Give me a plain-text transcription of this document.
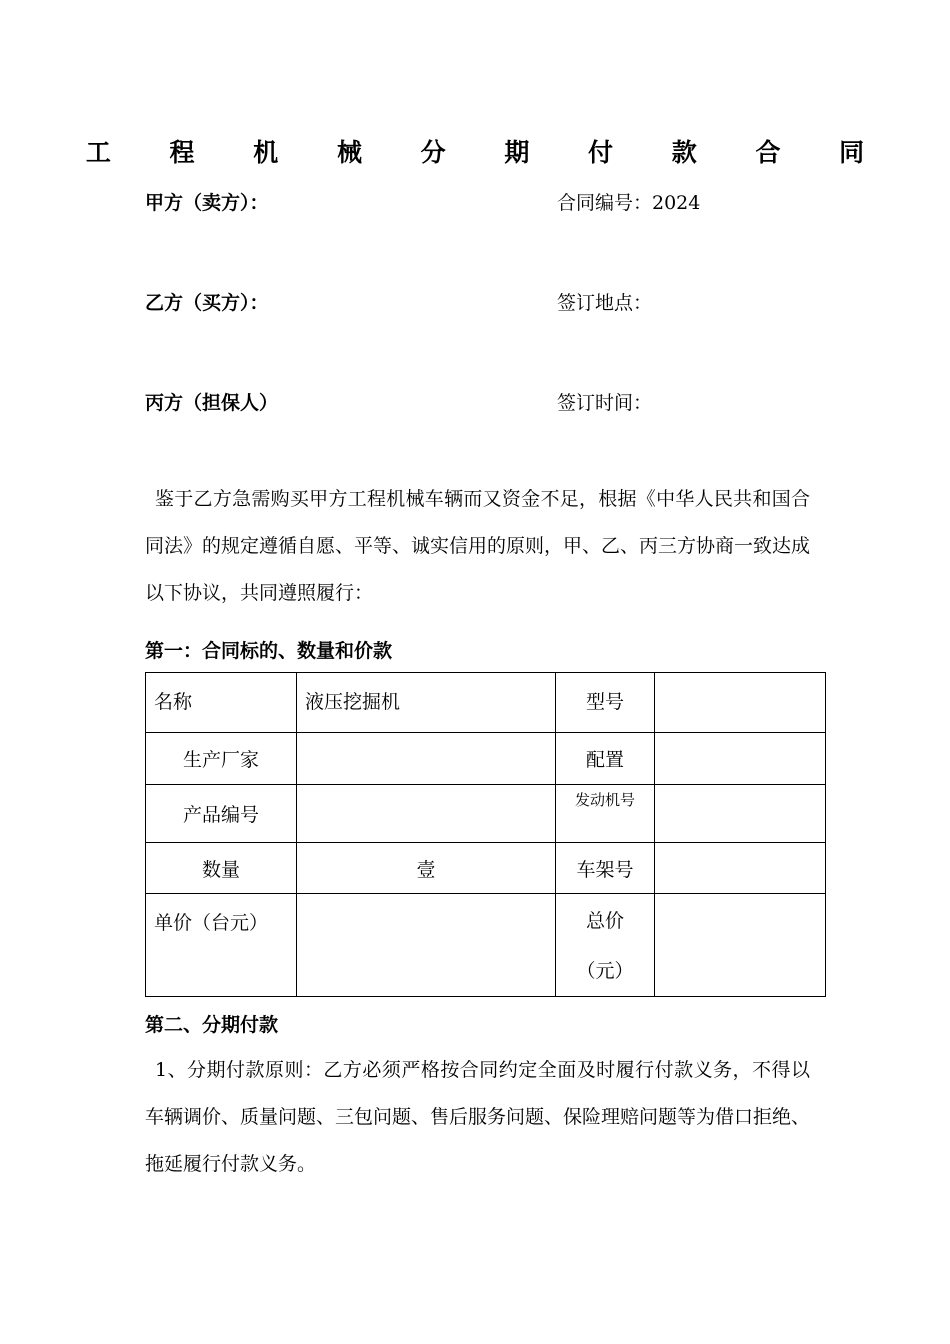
工 程 机 械 分 期 付 款 合 同
甲方（卖方）：	合同编号：2024
乙方（买方）：	签订地点：
丙方（担保人）	签订时间：

鉴于乙方急需购买甲方工程机械车辆而又资金不足，根据《中华人民共和国合同法》的规定遵循自愿、平等、诚实信用的原则，甲、乙、丙三方协商一致达成以下协议，共同遵照履行：

第一：合同标的、数量和价款
名称	液压挖掘机	型号	
生产厂家		配置	
产品编号		发动机号	
数量	壹	车架号	
单价（台元）		总价
（元）	

第二、分期付款

1、分期付款原则：乙方必须严格按合同约定全面及时履行付款义务，不得以车辆调价、质量问题、三包问题、售后服务问题、保险理赔问题等为借口拒绝、拖延履行付款义务。
